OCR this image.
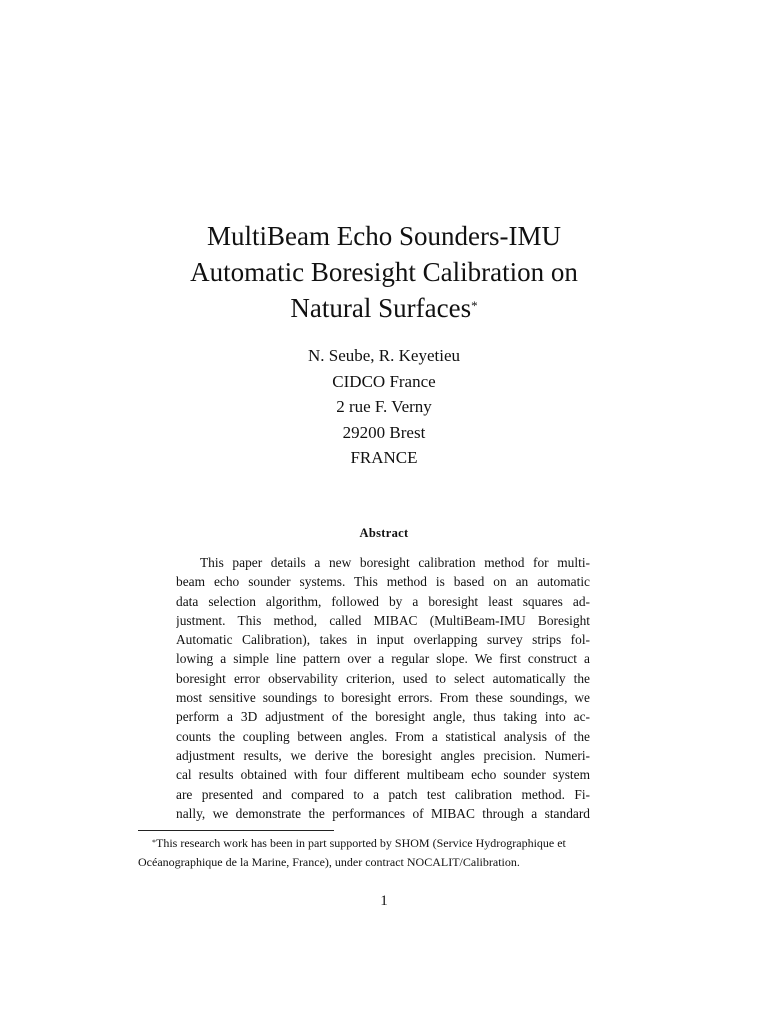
MultiBeam Echo Sounders-IMU
Automatic Boresight Calibration on
Natural Surfaces*
N. Seube, R. Keyetieu
CIDCO France
2 rue F. Verny
29200 Brest
FRANCE
Abstract
This paper details a new boresight calibration method for multi-
beam echo sounder systems. This method is based on an automatic
data selection algorithm, followed by a boresight least squares ad-
justment. This method, called MIBAC (MultiBeam-IMU Boresight
Automatic Calibration), takes in input overlapping survey strips fol-
lowing a simple line pattern over a regular slope. We first construct a
boresight error observability criterion, used to select automatically the
most sensitive soundings to boresight errors. From these soundings, we
perform a 3D adjustment of the boresight angle, thus taking into ac-
counts the coupling between angles. From a statistical analysis of the
adjustment results, we derive the boresight angles precision. Numeri-
cal results obtained with four different multibeam echo sounder system
are presented and compared to a patch test calibration method. Fi-
nally, we demonstrate the performances of MIBAC through a standard
*This research work has been in part supported by SHOM (Service Hydrographique et
Océanographique de la Marine, France), under contract NOCALIT/Calibration.
1
